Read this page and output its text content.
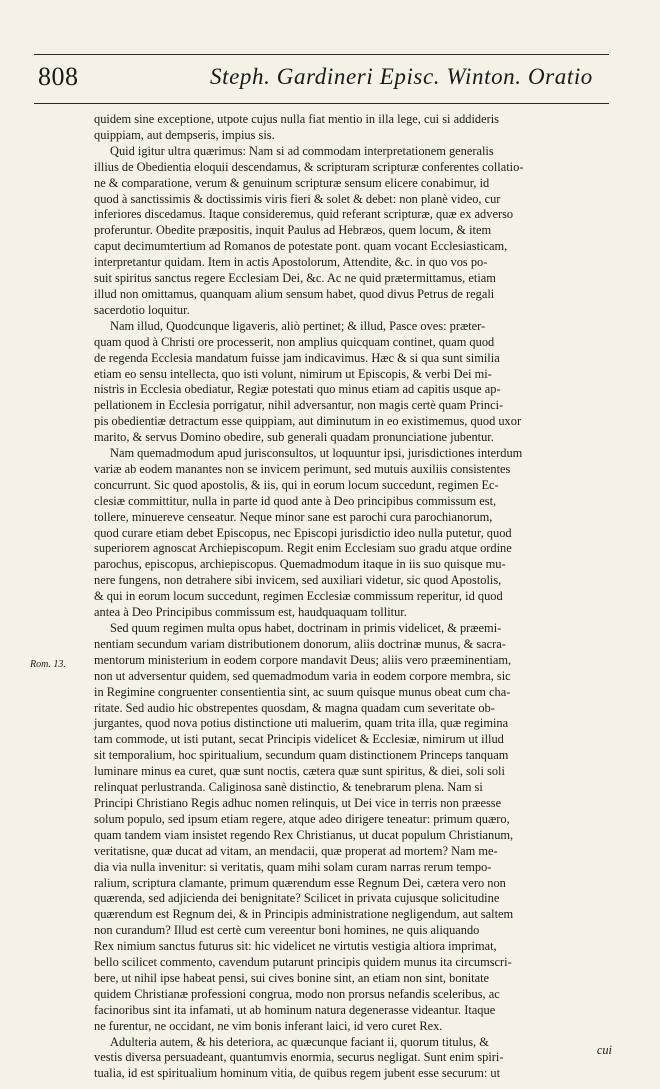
808	Steph. Gardineri Episc. Winton. Oratio
Rom. 13.
quidem sine exceptione, utpote cujus nulla fiat mentio in illa lege, cui si addideris
quippiam, aut dempseris, impius sis.
Quid igitur ultra quærimus: Nam si ad commodam interpretationem generalis
illius de Obedientia eloquii descendamus, & scripturam scripturæ conferentes collatio-
ne & comparatione, verum & genuinum scripturæ sensum elicere conabimur, id
quod à sanctissimis & doctissimis viris fieri & solet & debet: non planè video, cur
inferiores discedamus. Itaque consideremus, quid referant scripturæ, quæ ex adverso
proferuntur. Obedite præpositis, inquit Paulus ad Hebræos, quem locum, & item
caput decimumtertium ad Romanos de potestate pont. quam vocant Ecclesiasticam,
interpretantur quidam. Item in actis Apostolorum, Attendite, &c. in quo vos po-
suit spiritus sanctus regere Ecclesiam Dei, &c. Ac ne quid prætermittamus, etiam
illud non omittamus, quanquam alium sensum habet, quod divus Petrus de regali
sacerdotio loquitur.
Nam illud, Quodcunque ligaveris, aliò pertinet; & illud, Pasce oves: præter-
quam quod à Christi ore processerit, non amplius quicquam continet, quam quod
de regenda Ecclesia mandatum fuisse jam indicavimus. Hæc & si qua sunt similia
etiam eo sensu intellecta, quo isti volunt, nimirum ut Episcopis, & verbi Dei mi-
nistris in Ecclesia obediatur, Regiæ potestati quo minus etiam ad capitis usque ap-
pellationem in Ecclesia porrigatur, nihil adversantur, non magis certè quam Princi-
pis obedientiæ detractum esse quippiam, aut diminutum in eo existimemus, quod uxor
marito, & servus Domino obedire, sub generali quadam pronunciatione jubentur.
Nam quemadmodum apud jurisconsultos, ut loquuntur ipsi, jurisdictiones interdum
variæ ab eodem manantes non se invicem perimunt, sed mutuis auxiliis consistentes
concurrunt. Sic quod apostolis, & iis, qui in eorum locum succedunt, regimen Ec-
clesiæ committitur, nulla in parte id quod ante à Deo principibus commissum est,
tollere, minuereve censeatur. Neque minor sane est parochi cura parochianorum,
quod curare etiam debet Episcopus, nec Episcopi jurisdictio ideo nulla putetur, quod
superiorem agnoscat Archiepiscopum. Regit enim Ecclesiam suo gradu atque ordine
parochus, episcopus, archiepiscopus. Quemadmodum itaque in iis suo quisque mu-
nere fungens, non detrahere sibi invicem, sed auxiliari videtur, sic quod Apostolis,
& qui in eorum locum succedunt, regimen Ecclesiæ commissum reperitur, id quod
antea à Deo Principibus commissum est, haudquaquam tollitur.
Sed quum regimen multa opus habet, doctrinam in primis videlicet, & præemi-
nentiam secundum variam distributionem donorum, aliis doctrinæ munus, & sacra-
mentorum ministerium in eodem corpore mandavit Deus; aliis vero præeminentiam,
non ut adversentur quidem, sed quemadmodum varia in eodem corpore membra, sic
in Regimine congruenter consentientia sint, ac suum quisque munus obeat cum cha-
ritate. Sed audio hic obstrepentes quosdam, & magna quadam cum severitate ob-
jurgantes, quod nova potius distinctione uti maluerim, quam trita illa, quæ regimina
tam commode, ut isti putant, secat Principis videlicet & Ecclesiæ, nimirum ut illud
sit temporalium, hoc spiritualium, secundum quam distinctionem Princeps tanquam
luminare minus ea curet, quæ sunt noctis, cætera quæ sunt spiritus, & diei, soli soli
relinquat perlustranda. Caliginosa sanè distinctio, & tenebrarum plena. Nam si
Principi Christiano Regis adhuc nomen relinquis, ut Dei vice in terris non præesse
solum populo, sed ipsum etiam regere, atque adeo dirigere teneatur: primum quæro,
quam tandem viam insistet regendo Rex Christianus, ut ducat populum Christianum,
veritatisne, quæ ducat ad vitam, an mendacii, quæ properat ad mortem? Nam me-
dia via nulla invenitur: si veritatis, quam mihi solam curam narras rerum tempo-
ralium, scriptura clamante, primum quærendum esse Regnum Dei, cætera vero non
quærenda, sed adjicienda dei benignitate? Scilicet in privata cujusque solicitudine
quærendum est Regnum dei, & in Principis administratione negligendum, aut saltem
non curandum? Illud est certè cum vereentur boni homines, ne quis aliquando
Rex nimium sanctus futurus sit: hic videlicet ne virtutis vestigia altiora imprimat,
bello scilicet commento, cavendum putarunt principis quidem munus ita circumscri-
bere, ut nihil ipse habeat pensi, sui cives bonine sint, an etiam non sint, bonitate
quidem Christianæ professioni congrua, modo non prorsus nefandis sceleribus, ac
facinoribus sint ita infamati, ut ab hominum natura degenerasse videantur. Itaque
ne furentur, ne occidant, ne vim bonis inferant laici, id vero curet Rex.
Adulteria autem, & his deteriora, ac quæcunque faciant ii, quorum titulus, &
vestis diversa persuadeant, quantumvis enormia, securus negligat. Sunt enim spiri-
tualia, id est spiritualium hominum vitia, de quibus regem jubent esse securum: ut
cui
